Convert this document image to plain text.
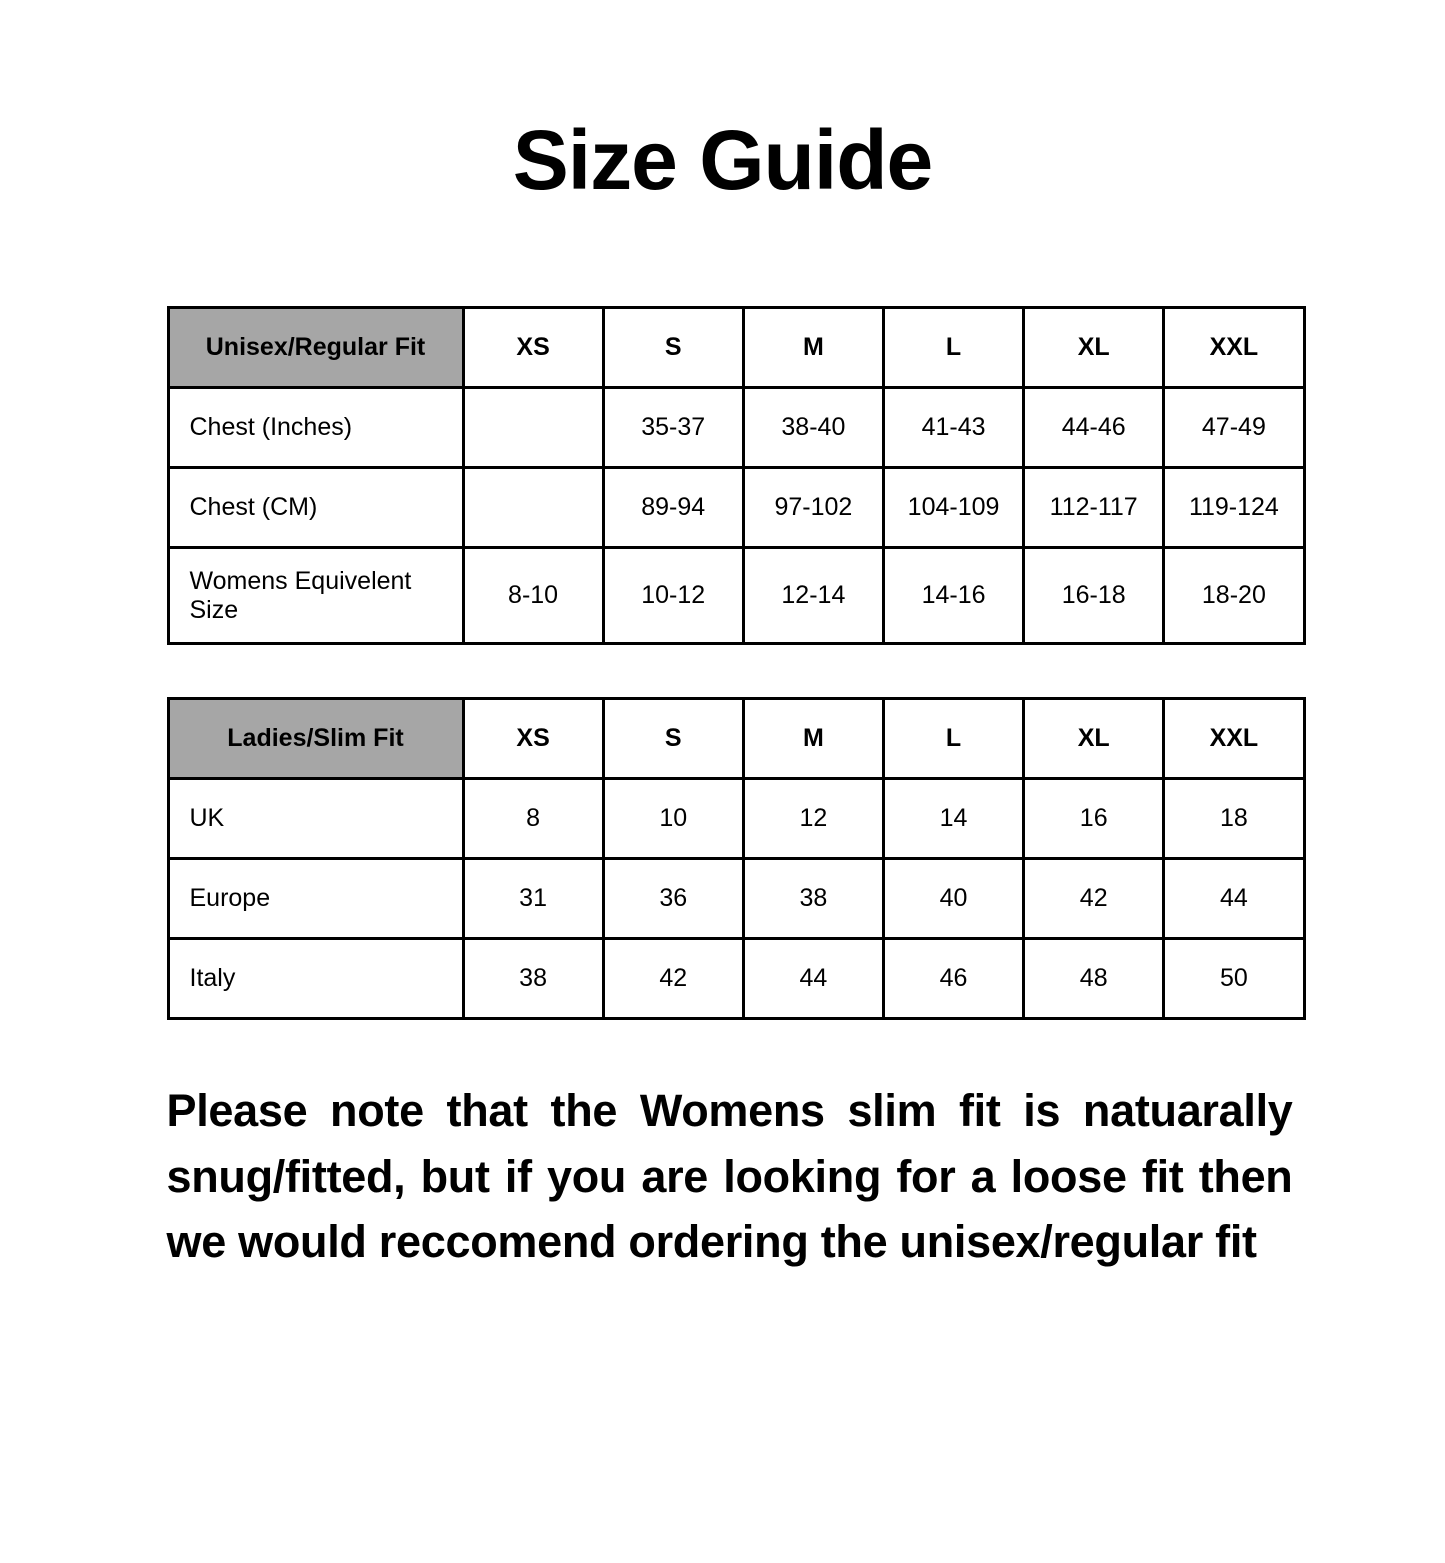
Size Guide
Unisex/Regular Fit	XS	S	M	L	XL	XXL
Chest (Inches)		35-37	38-40	41-43	44-46	47-49
Chest (CM)		89-94	97-102	104-109	112-117	119-124
Womens Equivelent Size	8-10	10-12	12-14	14-16	16-18	18-20
Ladies/Slim Fit	XS	S	M	L	XL	XXL
UK	8	10	12	14	16	18
Europe	31	36	38	40	42	44
Italy	38	42	44	46	48	50
Please note that the Womens slim fit is natuarally snug/fitted, but if you are looking for a loose fit then we would reccomend ordering the unisex/regular fit
